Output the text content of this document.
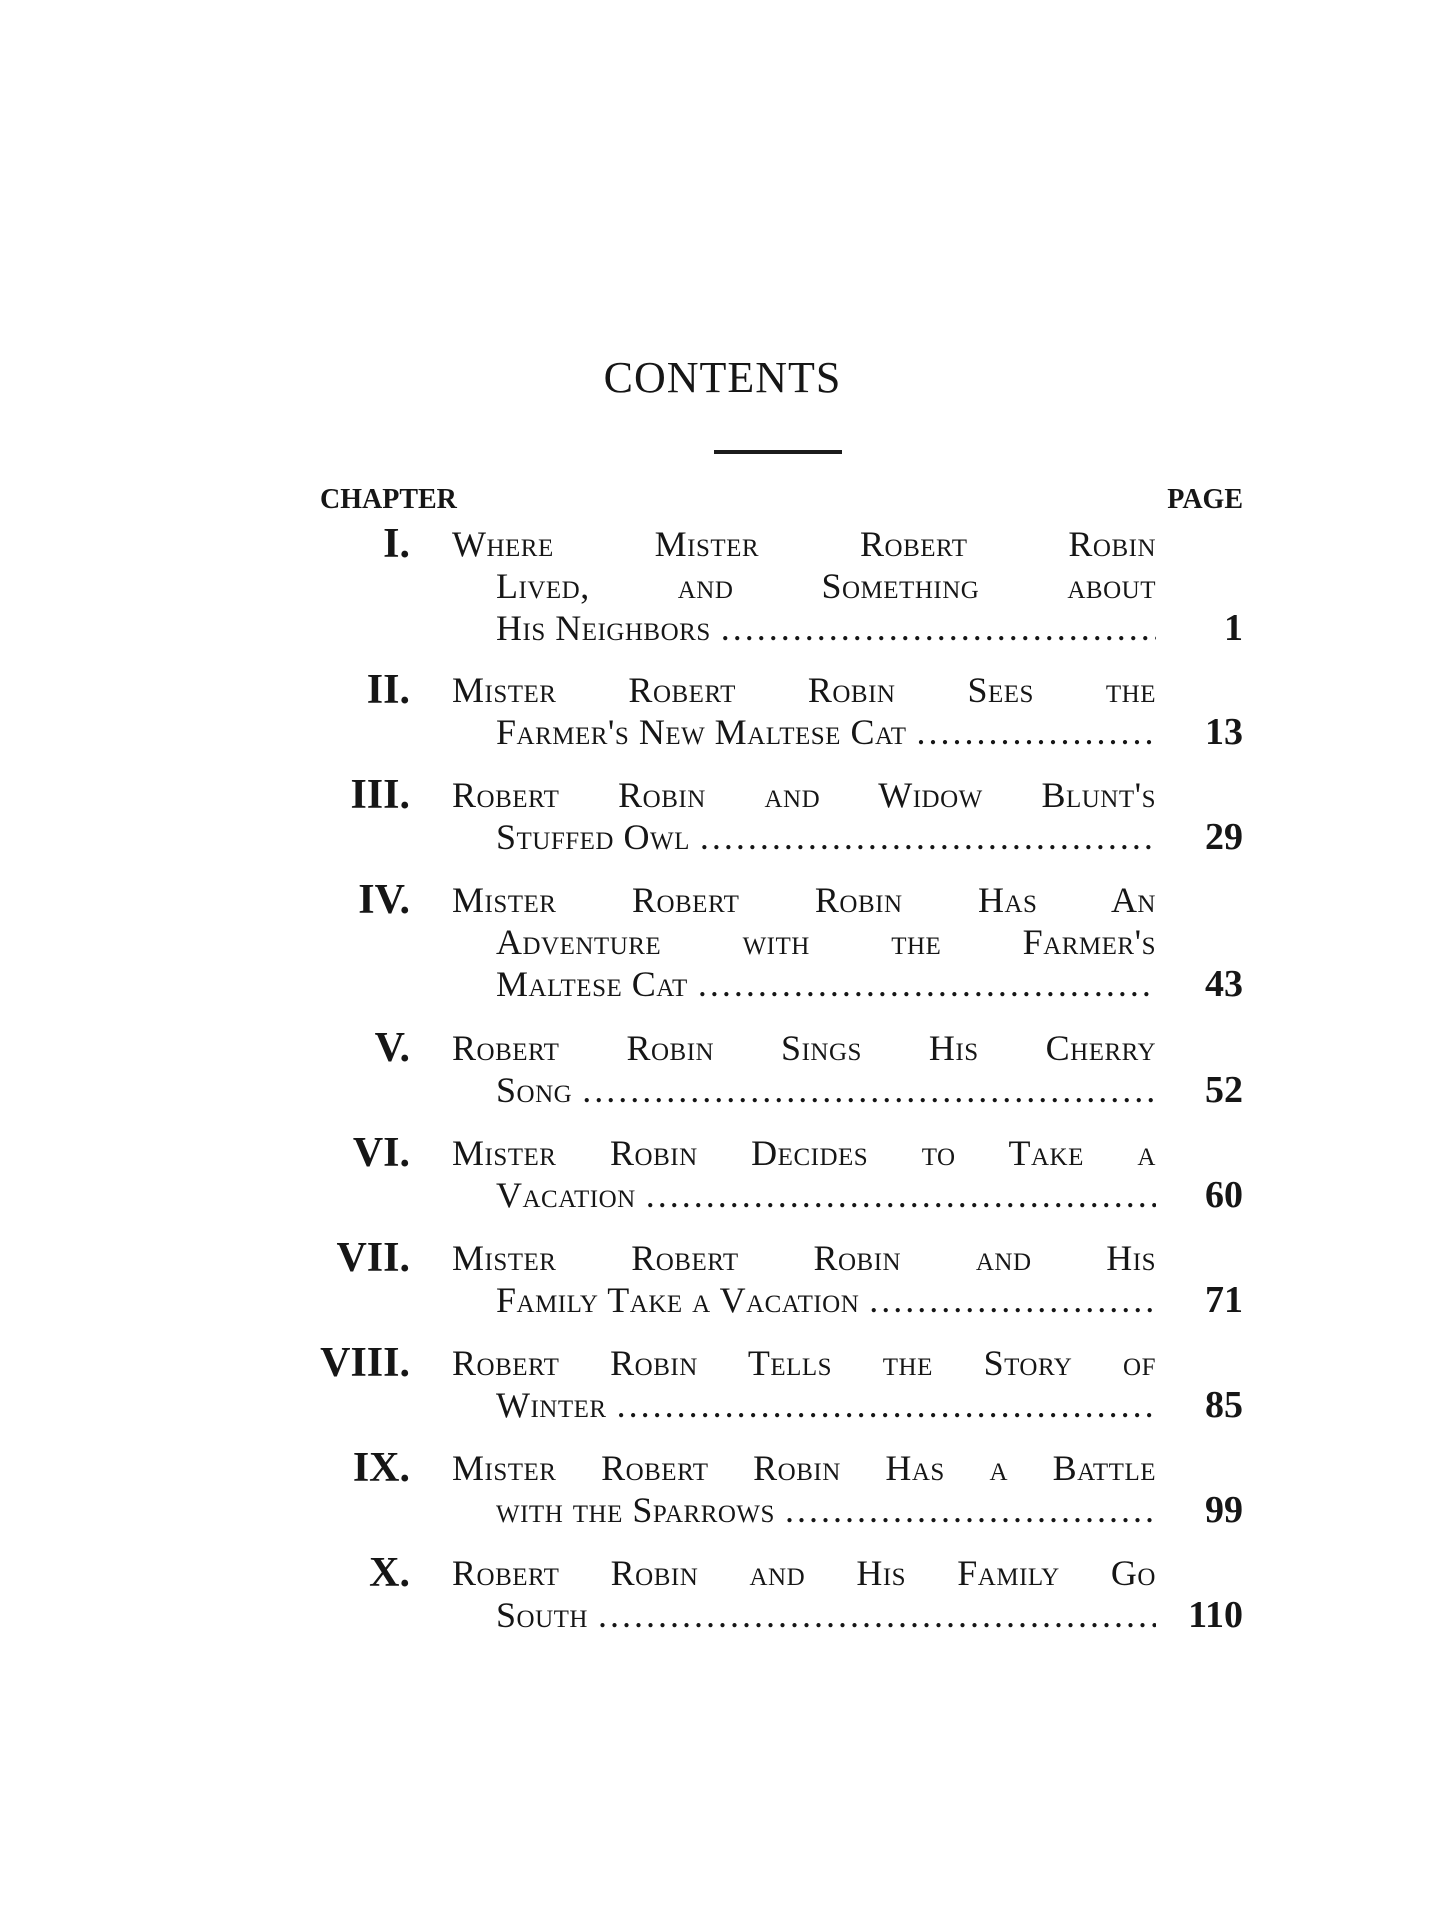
CONTENTS
CHAPTER	PAGE
I. Where Mister Robert Robin
Lived, and Something about
His Neighbors .....	1
II. Mister Robert Robin Sees the
Farmer's New Maltese Cat .....	13
III. Robert Robin and Widow Blunt's
Stuffed Owl .....	29
IV. Mister Robert Robin Has An
Adventure with the Farmer's
Maltese Cat .....	43
V. Robert Robin Sings His Cherry
Song .....	52
VI. Mister Robin Decides to Take a
Vacation .....	60
VII. Mister Robert Robin and His
Family Take a Vacation .....	71
VIII. Robert Robin Tells the Story of
Winter .....	85
IX. Mister Robert Robin Has a Battle
with the Sparrows .....	99
X. Robert Robin and His Family Go
South .....	110
